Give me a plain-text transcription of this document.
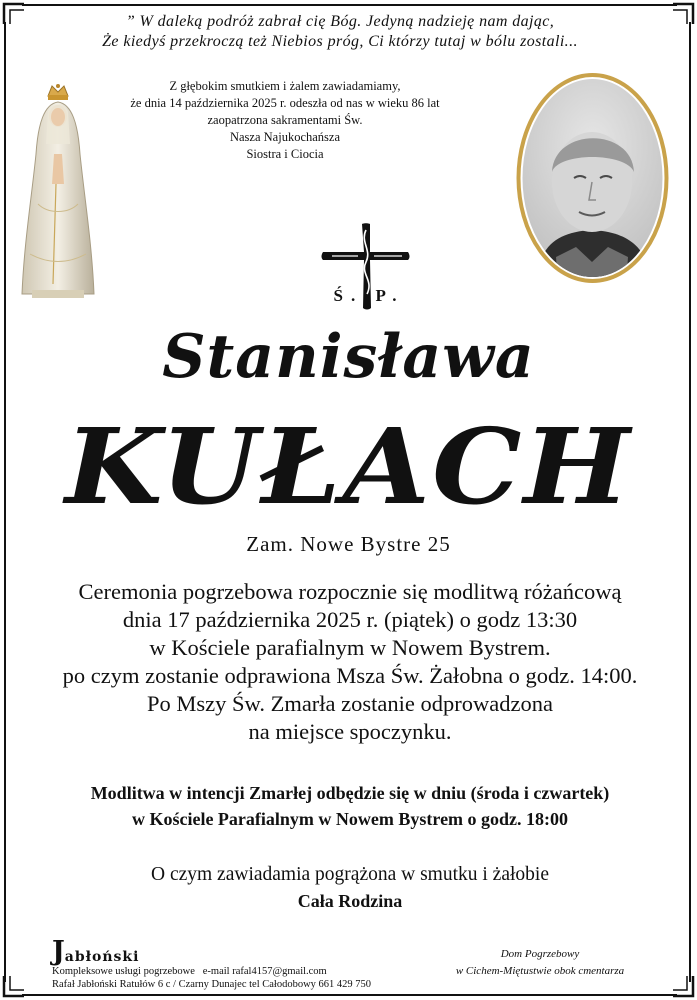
” W daleką podróż zabrał cię Bóg. Jedyną nadzieję nam dając,
Że kiedyś przekroczą też Niebios próg, Ci którzy tutaj w bólu zostali...
Z głębokim smutkiem i żalem zawiadamiamy,
że dnia 14 października 2025 r. odeszła od nas w wieku 86 lat
zaopatrzona sakramentami Św.
Nasza Najukochańsza
Siostra i Ciocia
Ś. P.
Stanisława
KUŁACH
Zam. Nowe Bystre 25
Ceremonia pogrzebowa rozpocznie się modlitwą różańcową
dnia 17 października 2025 r. (piątek) o godz 13:30
w Kościele parafialnym w Nowem Bystrem.
po czym zostanie odprawiona Msza Św. Żałobna o godz. 14:00.
Po Mszy Św. Zmarła zostanie odprowadzona
na miejsce spoczynku.
Modlitwa w intencji Zmarłej odbędzie się w dniu (środa i czwartek)
w Kościele Parafialnym w Nowem Bystrem o godz. 18:00
O czym zawiadamia pogrążona w smutku i żałobie
Cała Rodzina
Jabłoński
Kompleksowe usługi pogrzebowe e-mail rafal4157@gmail.com
Rafał Jabłoński Ratułów 6 c / Czarny Dunajec tel Całodobowy 661 429 750
Dom Pogrzebowy
w Cichem-Miętustwie obok cmentarza
